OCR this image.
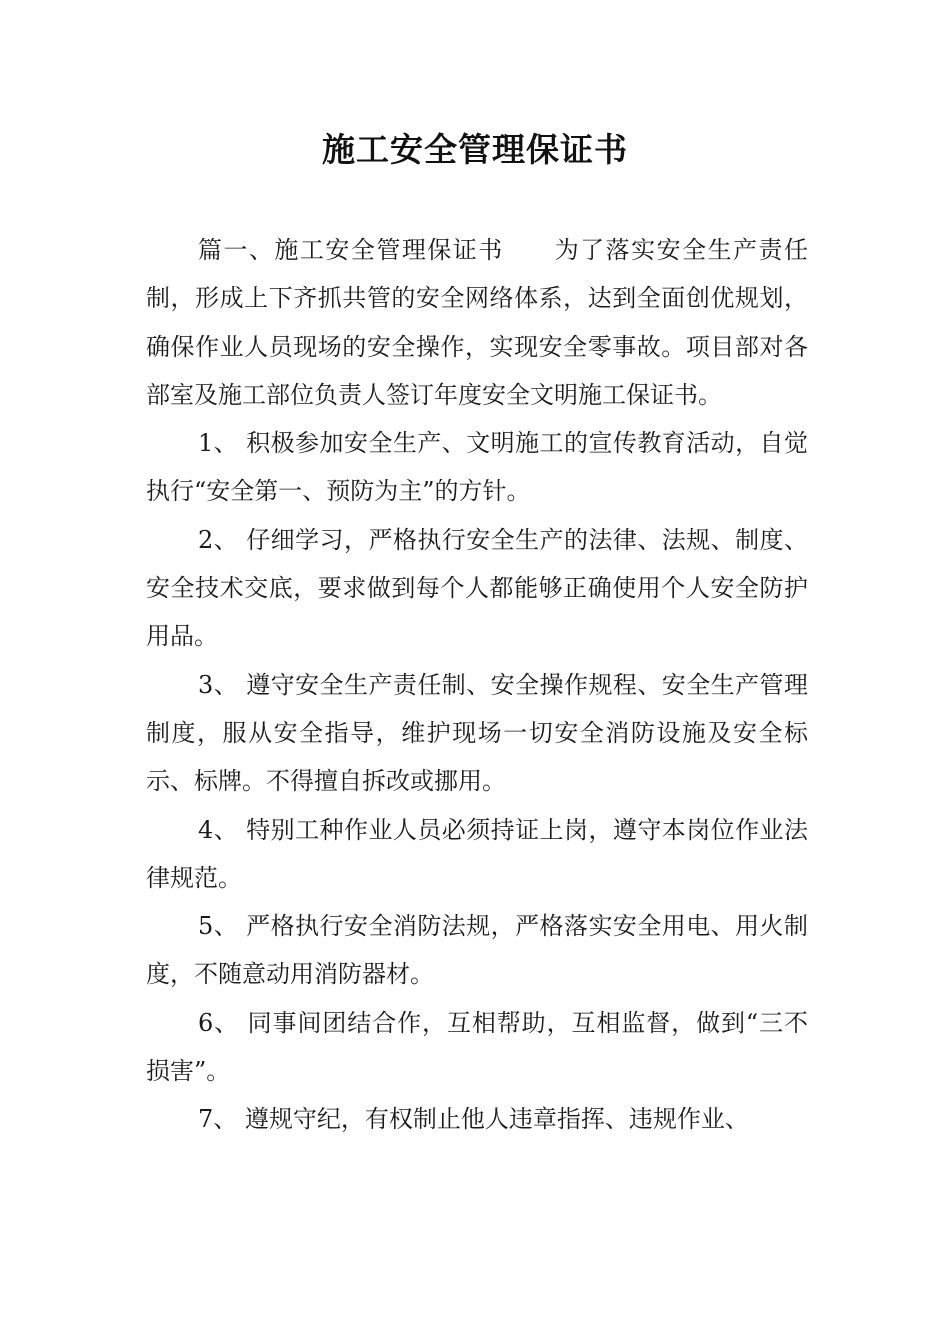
施工安全管理保证书

篇一、施工安全管理保证书　　为了落实安全生产责任制，形成上下齐抓共管的安全网络体系，达到全面创优规划，确保作业人员现场的安全操作，实现安全零事故。项目部对各部室及施工部位负责人签订年度安全文明施工保证书。

1、 积极参加安全生产、文明施工的宣传教育活动，自觉执行“安全第一、预防为主”的方针。

2、 仔细学习，严格执行安全生产的法律、法规、制度、安全技术交底，要求做到每个人都能够正确使用个人安全防护用品。

3、 遵守安全生产责任制、安全操作规程、安全生产管理制度，服从安全指导，维护现场一切安全消防设施及安全标示、标牌。不得擅自拆改或挪用。

4、 特别工种作业人员必须持证上岗，遵守本岗位作业法律规范。

5、 严格执行安全消防法规，严格落实安全用电、用火制度，不随意动用消防器材。

6、 同事间团结合作，互相帮助，互相监督，做到“三不损害”。

7、 遵规守纪，有权制止他人违章指挥、违规作业、
